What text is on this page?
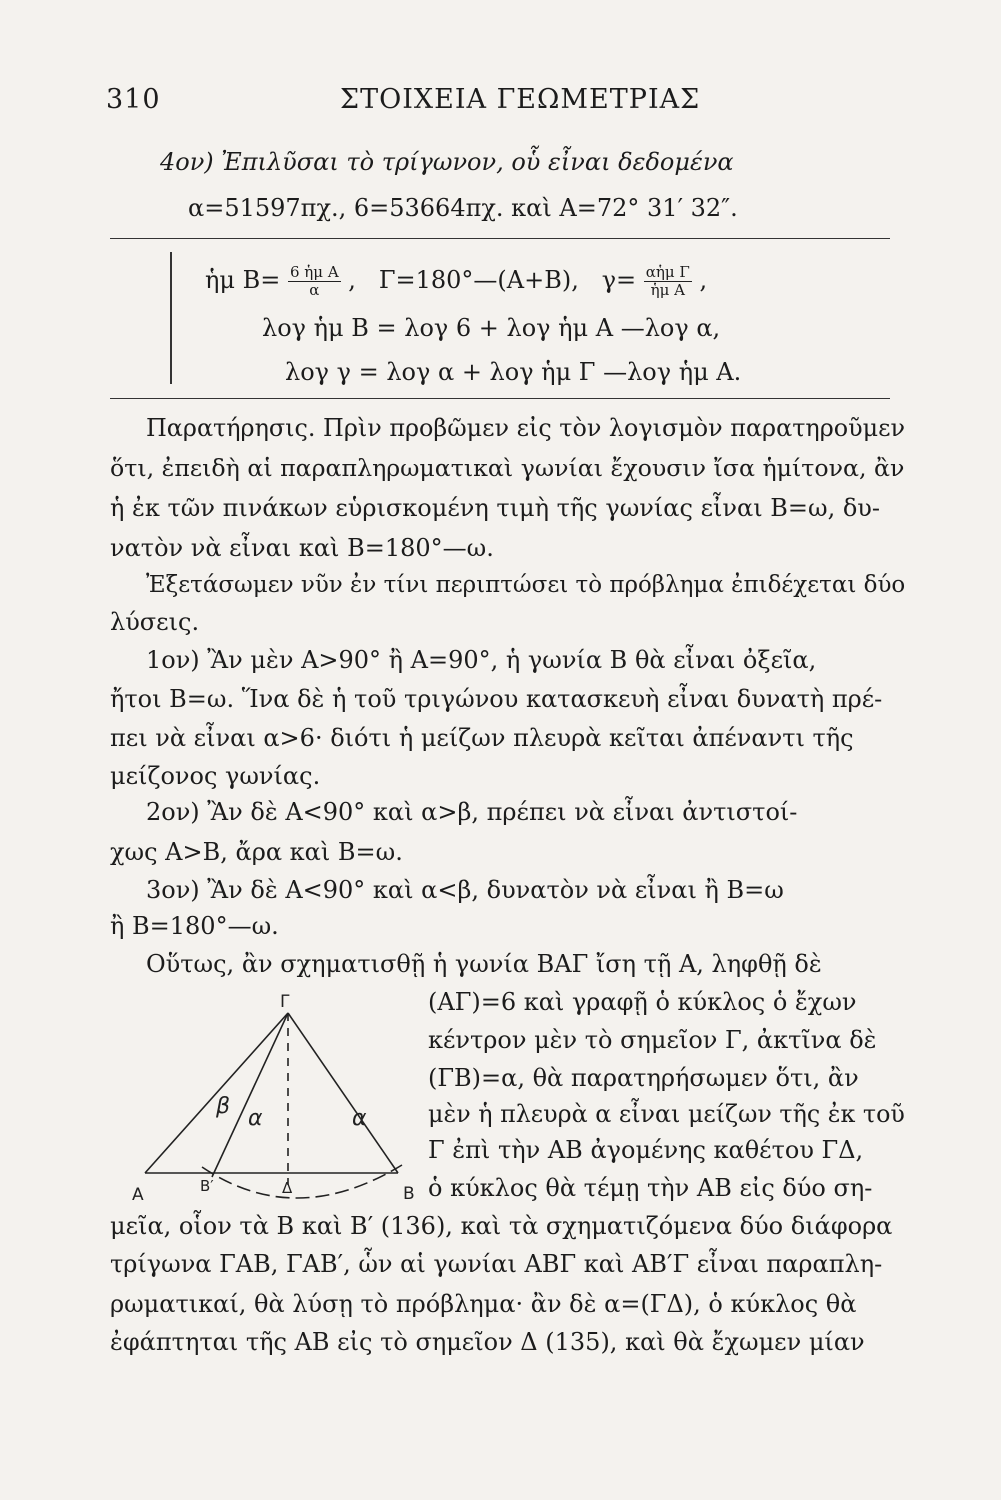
310	ΣΤΟΙΧΕΙΑ ΓΕΩΜΕΤΡΙΑΣ
4ον) Ἐπιλῦσαι τὸ τρίγωνον, οὗ εἶναι δεδομένα
α=51597πχ., 6=53664πχ. καὶ Α=72° 31′ 32″.
ἡμ $B= \frac{\text{6 ἡμ Α}}{\alpha}$ ,   Γ=180°—(Α+Β),   $\gamma= \frac{\text{αἡμ Γ}}{\text{ἡμ Α}}$ ,
λογ ἡμ Β = λογ 6 + λογ ἡμ Α —λογ α,
λογ γ = λογ α + λογ ἡμ Γ —λογ ἡμ Α.
Παρατήρησις. Πρὶν προβῶμεν εἰς τὸν λογισμὸν παρατηροῦμεν
ὅτι, ἐπειδὴ αἱ παραπληρωματικαὶ γωνίαι ἔχουσιν ἴσα ἡμίτονα, ἂν
ἡ ἐκ τῶν πινάκων εὑρισκομένη τιμὴ τῆς γωνίας εἶναι Β=ω, δυ-
νατὸν νὰ εἶναι καὶ Β=180°—ω.
Ἐξετάσωμεν νῦν ἐν τίνι περιπτώσει τὸ πρόβλημα ἐπιδέχεται δύο
λύσεις.
1ον) Ἂν μὲν Α>90° ἢ Α=90°, ἡ γωνία Β θὰ εἶναι ὀξεῖα,
ἤτοι Β=ω. Ἵνα δὲ ἡ τοῦ τριγώνου κατασκευὴ εἶναι δυνατὴ πρέ-
πει νὰ εἶναι α>6· διότι ἡ μείζων πλευρὰ κεῖται ἀπέναντι τῆς
μείζονος γωνίας.
2ον) Ἂν δὲ Α<90° καὶ α>β, πρέπει νὰ εἶναι ἀντιστοί-
χως Α>Β, ἄρα καὶ Β=ω.
3ον) Ἂν δὲ Α<90° καὶ α<β, δυνατὸν νὰ εἶναι ἢ Β=ω
ἢ Β=180°—ω.
Οὕτως, ἂν σχηματισθῇ ἡ γωνία ΒΑΓ ἴση τῇ Α, ληφθῇ δὲ
(ΑΓ)=6 καὶ γραφῇ ὁ κύκλος ὁ ἔχων
κέντρον μὲν τὸ σημεῖον Γ, ἀκτῖνα δὲ
(ΓΒ)=α, θὰ παρατηρήσωμεν ὅτι, ἂν
μὲν ἡ πλευρὰ α εἶναι μείζων τῆς ἐκ τοῦ
Γ ἐπὶ τὴν ΑΒ ἀγομένης καθέτου ΓΔ,
ὁ κύκλος θὰ τέμῃ τὴν ΑΒ εἰς δύο ση-
Γ
Α	Β′	Δ	Β
β α	α
μεῖα, οἷον τὰ Β καὶ Β′ (136), καὶ τὰ σχηματιζόμενα δύο διάφορα
τρίγωνα ΓΑΒ, ΓΑΒ′, ὧν αἱ γωνίαι ΑΒΓ καὶ ΑΒ′Γ εἶναι παραπλη-
ρωματικαί, θὰ λύσῃ τὸ πρόβλημα· ἂν δὲ α=(ΓΔ), ὁ κύκλος θὰ
ἐφάπτηται τῆς ΑΒ εἰς τὸ σημεῖον Δ (135), καὶ θὰ ἔχωμεν μίαν
